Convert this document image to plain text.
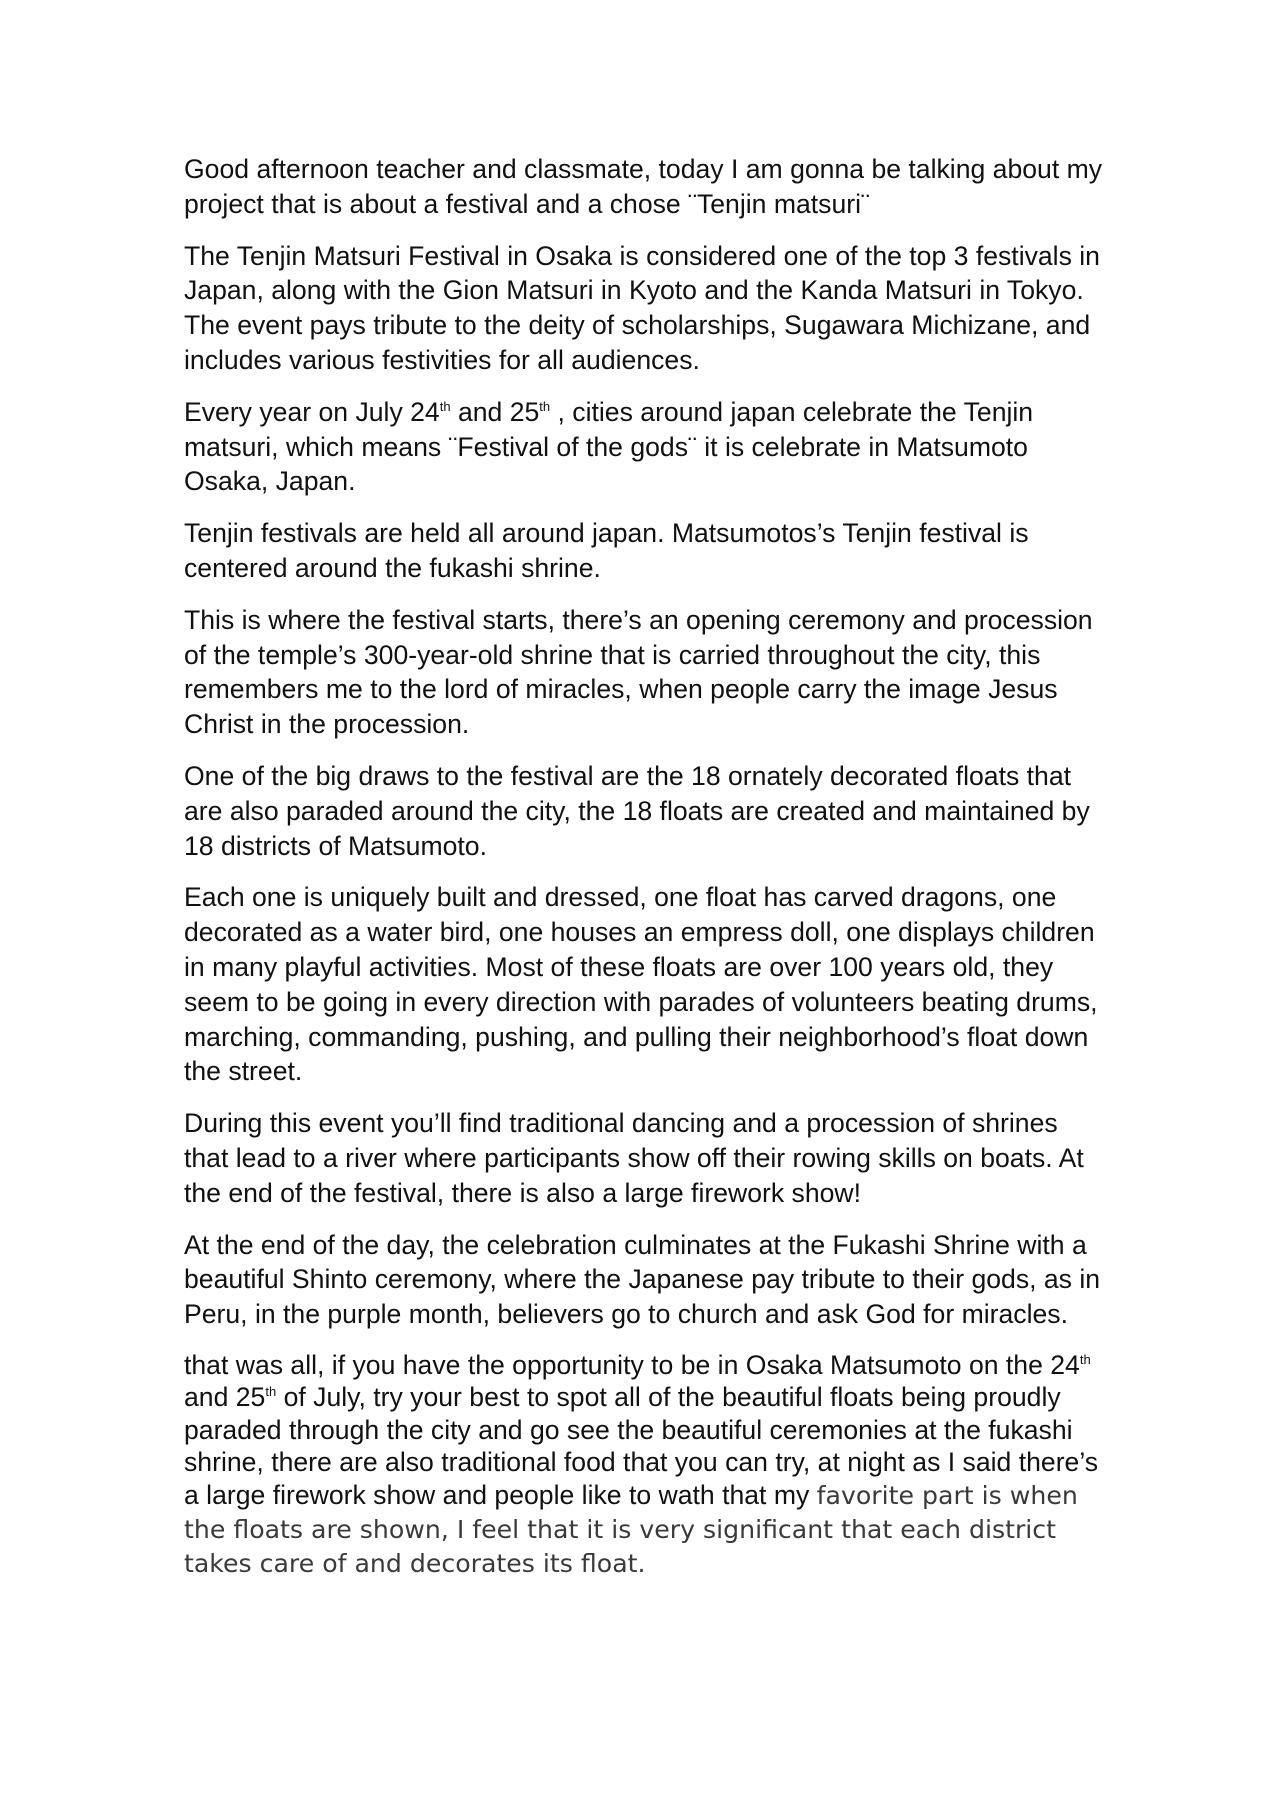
Good afternoon teacher and classmate, today I am gonna be talking about my project that is about a festival and a chose ¨Tenjin matsuri¨

The Tenjin Matsuri Festival in Osaka is considered one of the top 3 festivals in Japan, along with the Gion Matsuri in Kyoto and the Kanda Matsuri in Tokyo. The event pays tribute to the deity of scholarships, Sugawara Michizane, and includes various festivities for all audiences.

Every year on July 24th and 25th , cities around japan celebrate the Tenjin matsuri, which means ¨Festival of the gods¨ it is celebrate in Matsumoto Osaka, Japan.

Tenjin festivals are held all around japan. Matsumotos’s Tenjin festival is centered around the fukashi shrine.

This is where the festival starts, there’s an opening ceremony and procession of the temple’s 300-year-old shrine that is carried throughout the city, this remembers me to the lord of miracles, when people carry the image Jesus Christ in the procession.

One of the big draws to the festival are the 18 ornately decorated floats that are also paraded around the city, the 18 floats are created and maintained by 18 districts of Matsumoto.

Each one is uniquely built and dressed, one float has carved dragons, one decorated as a water bird, one houses an empress doll, one displays children in many playful activities. Most of these floats are over 100 years old, they seem to be going in every direction with parades of volunteers beating drums, marching, commanding, pushing, and pulling their neighborhood’s float down the street.

During this event you’ll find traditional dancing and a procession of shrines that lead to a river where participants show off their rowing skills on boats. At the end of the festival, there is also a large firework show!

At the end of the day, the celebration culminates at the Fukashi Shrine with a beautiful Shinto ceremony, where the Japanese pay tribute to their gods, as in Peru, in the purple month, believers go to church and ask God for miracles.

that was all, if you have the opportunity to be in Osaka Matsumoto on the 24th and 25th of July, try your best to spot all of the beautiful floats being proudly paraded through the city and go see the beautiful ceremonies at the fukashi shrine, there are also traditional food that you can try, at night as I said there’s a large firework show and people like to wath that my favorite part is when the floats are shown, I feel that it is very significant that each district takes care of and decorates its float.
